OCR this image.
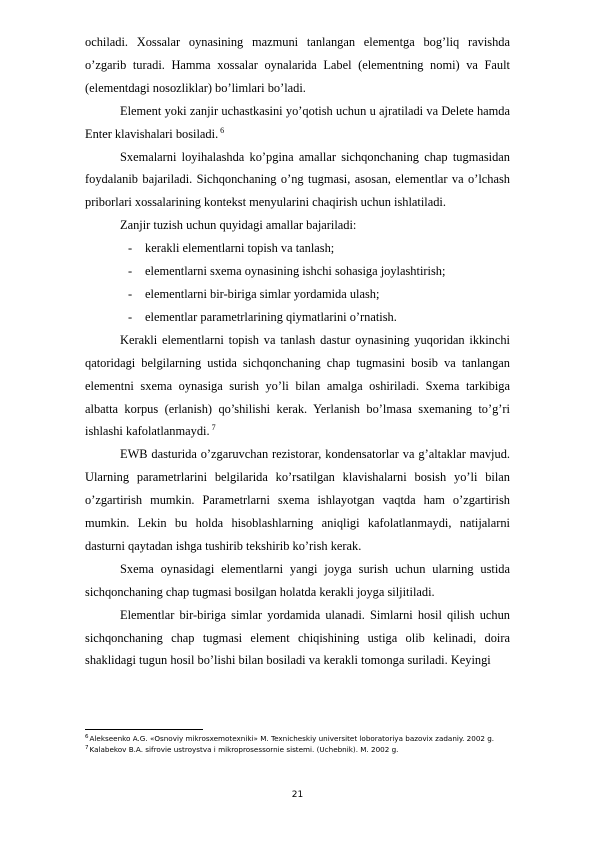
ochiladi. Xossalar oynasining mazmuni tanlangan elementga bog’liq ravishda o’zgarib turadi. Hamma xossalar oynalarida Label (elementning nomi) va Fault (elementdagi nosozliklar) bo’limlari bo’ladi.

Element yoki zanjir uchastkasini yo’qotish uchun u ajratiladi va Delete hamda Enter klavishalari bosiladi. $^6$

Sxemalarni loyihalashda ko’pgina amallar sichqonchaning chap tugmasidan foydalanib bajariladi. Sichqonchaning o’ng tugmasi, asosan, elementlar va o’lchash priborlari xossalarining kontekst menyularini chaqirish uchun ishlatiladi.

Zanjir tuzish uchun quyidagi amallar bajariladi:

-	kerakli elementlarni topish va tanlash;
-	elementlarni sxema oynasining ishchi sohasiga joylashtirish;
-	elementlarni bir-biriga simlar yordamida ulash;
-	elementlar parametrlarining qiymatlarini o’rnatish.

Kerakli elementlarni topish va tanlash dastur oynasining yuqoridan ikkinchi qatoridagi belgilarning ustida sichqonchaning chap tugmasini bosib va tanlangan elementni sxema oynasiga surish yo’li bilan amalga oshiriladi. Sxema tarkibiga albatta korpus (erlanish) qo’shilishi kerak. Yerlanish bo’lmasa sxemaning to’g’ri ishlashi kafolatlanmaydi. $^7$

EWB dasturida o’zgaruvchan rezistorar, kondensatorlar va g’altaklar mavjud. Ularning parametrlarini belgilarida ko’rsatilgan klavishalarni bosish yo’li bilan o’zgartirish mumkin. Parametrlarni sxema ishlayotgan vaqtda ham o’zgartirish mumkin. Lekin bu holda hisoblashlarning aniqligi kafolatlanmaydi, natijalarni dasturni qaytadan ishga tushirib tekshirib ko’rish kerak.

Sxema oynasidagi elementlarni yangi joyga surish uchun ularning ustida sichqonchaning chap tugmasi bosilgan holatda kerakli joyga siljitiladi.

Elementlar bir-biriga simlar yordamida ulanadi. Simlarni hosil qilish uchun sichqonchaning chap tugmasi element chiqishining ustiga olib kelinadi, doira shaklidagi tugun hosil bo’lishi bilan bosiladi va kerakli tomonga suriladi. Keyingi

$^6$Alekseenko A.G. «Osnoviy mikrosxemotexniki» M. Texnicheskiy universitet loboratoriya bazovix zadaniy. 2002 g.
$^7$Kalabekov B.A. sifrovie ustroystva i mikroprosessornie sistemi. (Uchebnik). M. 2002 g.
21
